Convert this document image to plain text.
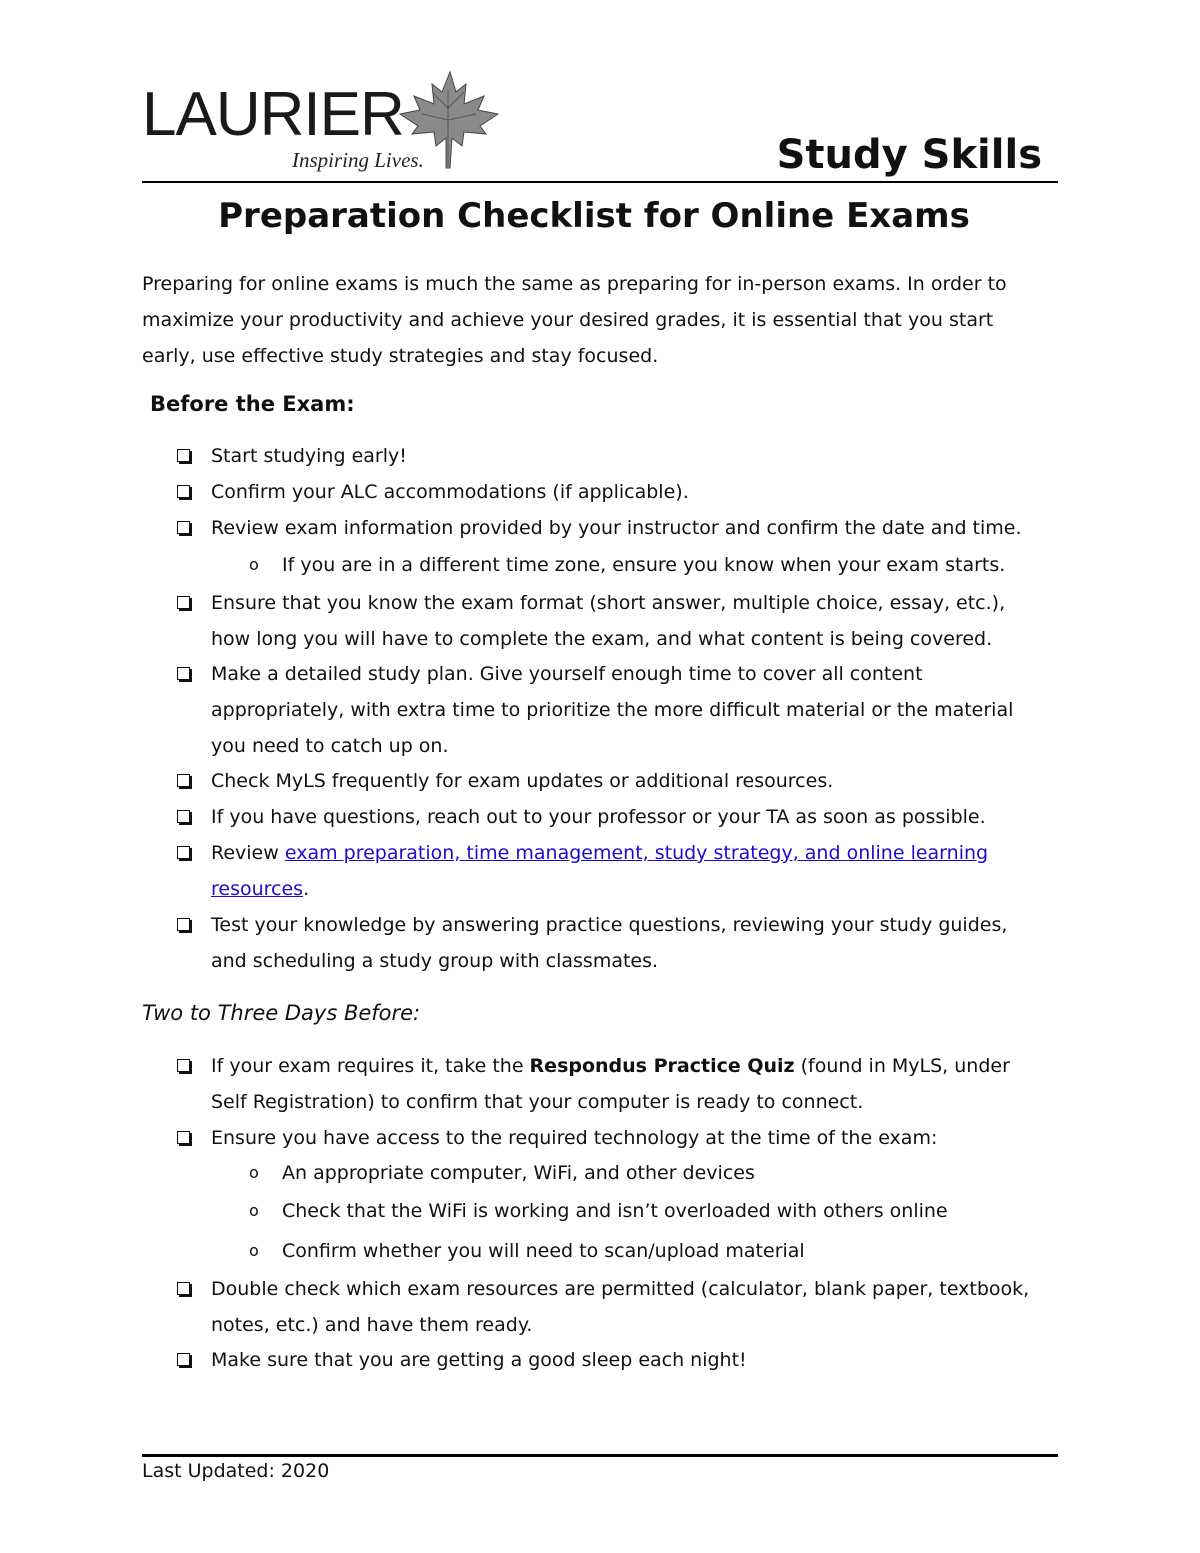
LAURIER
Inspiring Lives.	Study Skills
Preparation Checklist for Online Exams
Preparing for online exams is much the same as preparing for in-person exams. In order to maximize your productivity and achieve your desired grades, it is essential that you start early, use effective study strategies and stay focused.
Before the Exam:
Start studying early!
Confirm your ALC accommodations (if applicable).
Review exam information provided by your instructor and confirm the date and time.
o If you are in a different time zone, ensure you know when your exam starts.
Ensure that you know the exam format (short answer, multiple choice, essay, etc.), how long you will have to complete the exam, and what content is being covered.
Make a detailed study plan. Give yourself enough time to cover all content appropriately, with extra time to prioritize the more difficult material or the material you need to catch up on.
Check MyLS frequently for exam updates or additional resources.
If you have questions, reach out to your professor or your TA as soon as possible.
Review exam preparation, time management, study strategy, and online learning resources.
Test your knowledge by answering practice questions, reviewing your study guides, and scheduling a study group with classmates.
Two to Three Days Before:
If your exam requires it, take the Respondus Practice Quiz (found in MyLS, under Self Registration) to confirm that your computer is ready to connect.
Ensure you have access to the required technology at the time of the exam:
o An appropriate computer, WiFi, and other devices
o Check that the WiFi is working and isn’t overloaded with others online
o Confirm whether you will need to scan/upload material
Double check which exam resources are permitted (calculator, blank paper, textbook, notes, etc.) and have them ready.
Make sure that you are getting a good sleep each night!
Last Updated: 2020
